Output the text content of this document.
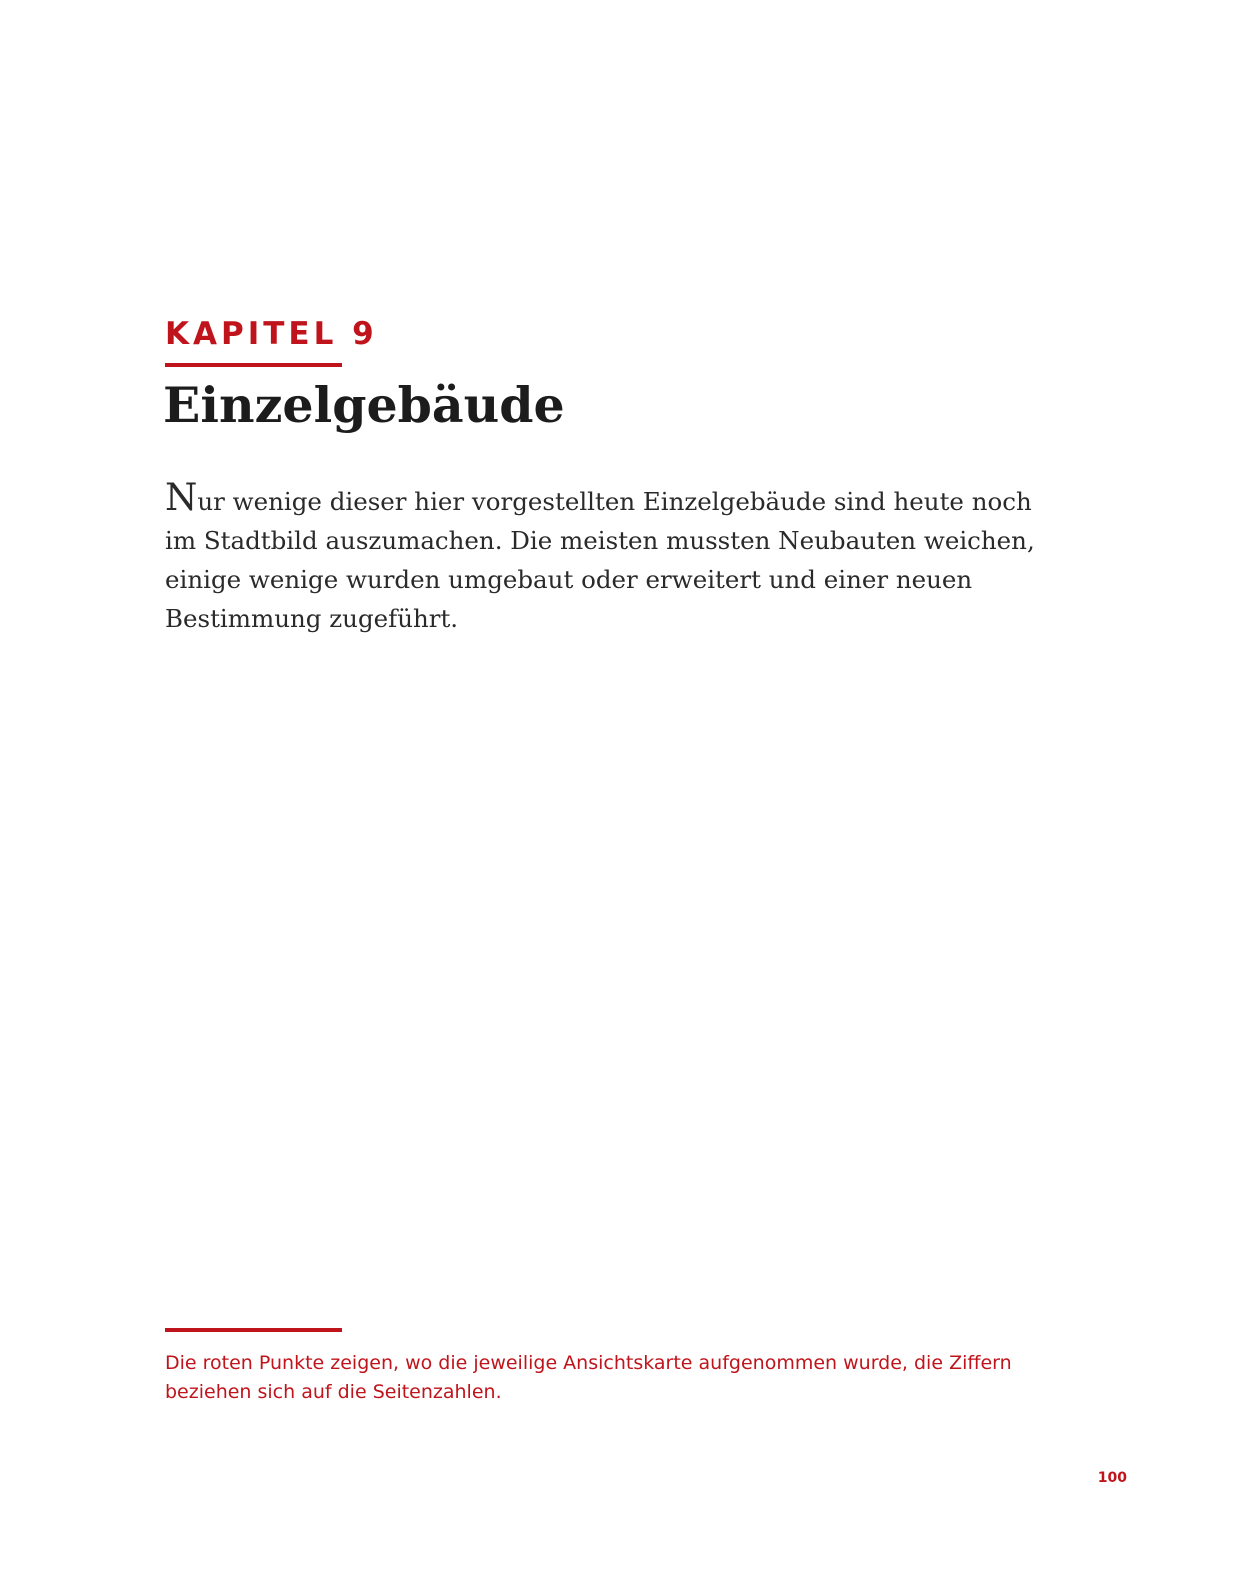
KAPITEL 9
Einzelgebäude

Nur wenige dieser hier vorgestellten Einzelgebäude sind heute noch im Stadtbild auszumachen. Die meisten mussten Neubauten weichen, einige wenige wurden umgebaut oder erweitert und einer neuen Bestimmung zugeführt.

Die roten Punkte zeigen, wo die jeweilige Ansichtskarte aufgenommen wurde, die Ziffern beziehen sich auf die Seitenzahlen.

100
